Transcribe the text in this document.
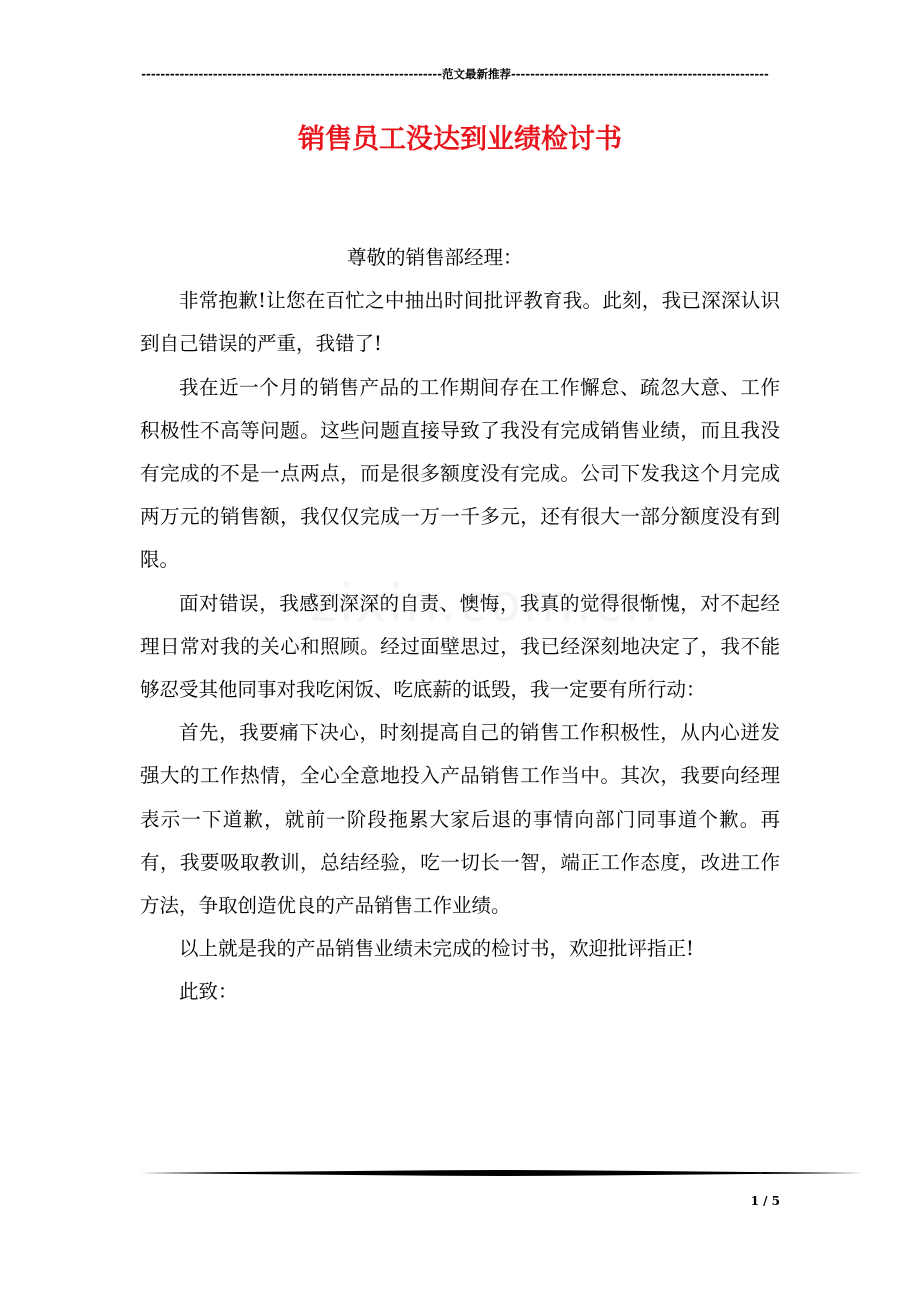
---------------------------------------------------------------范文最新推荐------------------------------------------------------
销售员工没达到业绩检讨书

尊敬的销售部经理：

非常抱歉!让您在百忙之中抽出时间批评教育我。此刻，我已深深认识到自己错误的严重，我错了!

我在近一个月的销售产品的工作期间存在工作懈怠、疏忽大意、工作积极性不高等问题。这些问题直接导致了我没有完成销售业绩，而且我没有完成的不是一点两点，而是很多额度没有完成。公司下发我这个月完成两万元的销售额，我仅仅完成一万一千多元，还有很大一部分额度没有到限。

面对错误，我感到深深的自责、懊悔，我真的觉得很惭愧，对不起经理日常对我的关心和照顾。经过面壁思过，我已经深刻地决定了，我不能够忍受其他同事对我吃闲饭、吃底薪的诋毁，我一定要有所行动：

首先，我要痛下决心，时刻提高自己的销售工作积极性，从内心迸发强大的工作热情，全心全意地投入产品销售工作当中。其次，我要向经理表示一下道歉，就前一阶段拖累大家后退的事情向部门同事道个歉。再有，我要吸取教训，总结经验，吃一切长一智，端正工作态度，改进工作方法，争取创造优良的产品销售工作业绩。

以上就是我的产品销售业绩未完成的检讨书，欢迎批评指正!

此致：

1 / 5
